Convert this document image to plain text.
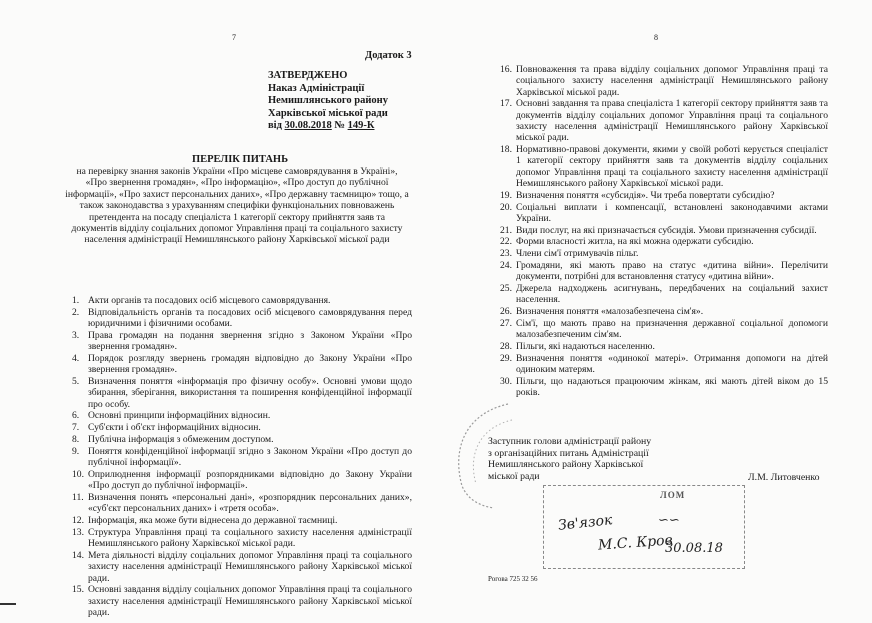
7	8
Додаток 3
ЗАТВЕРДЖЕНО
Наказ Адміністрації
Немишлянського району
Харківської міської ради
від 30.08.2018 № 149-К
ПЕРЕЛІК ПИТАНЬ
на перевірку знання законів України «Про місцеве самоврядування в Україні»,
«Про звернення громадян», «Про інформацію», «Про доступ до публічної
інформації», «Про захист персональних даних», «Про державну таємницю» тощо, а
також законодавства з урахуванням специфіки функціональних повноважень
претендента на посаду спеціаліста 1 категорії сектору прийняття заяв та
документів відділу соціальних допомог Управління праці та соціального захисту
населення адміністрації Немишлянського району Харківської міської ради
1. Акти органів та посадових осіб місцевого самоврядування.
2. Відповідальність органів та посадових осіб місцевого самоврядування перед юридичними і фізичними особами.
3. Права громадян на подання звернення згідно з Законом України «Про звернення громадян».
4. Порядок розгляду звернень громадян відповідно до Закону України «Про звернення громадян».
5. Визначення поняття «інформація про фізичну особу». Основні умови щодо збирання, зберігання, використання та поширення конфіденційної інформації про особу.
6. Основні принципи інформаційних відносин.
7. Суб'єкти і об'єкт інформаційних відносин.
8. Публічна інформація з обмеженим доступом.
9. Поняття конфіденційної інформації згідно з Законом України «Про доступ до публічної інформації».
10. Оприлюднення інформації розпорядниками відповідно до Закону України «Про доступ до публічної інформації».
11. Визначення понять «персональні дані», «розпорядник персональних даних», «суб'єкт персональних даних» і «третя особа».
12. Інформація, яка може бути віднесена до державної таємниці.
13. Структура Управління праці та соціального захисту населення адміністрації Немишлянського району Харківської міської ради.
14. Мета діяльності відділу соціальних допомог Управління праці та соціального захисту населення адміністрації Немишлянського району Харківської міської ради.
15. Основні завдання відділу соціальних допомог Управління праці та соціального захисту населення адміністрації Немишлянського району Харківської міської ради.
16. Повноваження та права відділу соціальних допомог Управління праці та соціального захисту населення адміністрації Немишлянського району Харківської міської ради.
17. Основні завдання та права спеціаліста 1 категорії сектору прийняття заяв та документів відділу соціальних допомог Управління праці та соціального захисту населення адміністрації Немишлянського району Харківської міської ради.
18. Нормативно-правові документи, якими у своїй роботі керується спеціаліст 1 категорії сектору прийняття заяв та документів відділу соціальних допомог Управління праці та соціального захисту населення адміністрації Немишлянського району Харківської міської ради.
19. Визначення поняття «субсидія». Чи треба повертати субсидію?
20. Соціальні виплати і компенсації, встановлені законодавчими актами України.
21. Види послуг, на які призначається субсидія. Умови призначення субсидії.
22. Форми власності житла, на які можна одержати субсидію.
23. Члени сім'ї отримувачів пільг.
24. Громадяни, які мають право на статус «дитина війни». Перелічити документи, потрібні для встановлення статусу «дитина війни».
25. Джерела надходжень асигнувань, передбачених на соціальний захист населення.
26. Визначення поняття «малозабезпечена сім'я».
27. Сім'ї, що мають право на призначення державної соціальної допомоги малозабезпеченим сім'ям.
28. Пільги, які надаються населенню.
29. Визначення поняття «одинокої матері». Отримання допомоги на дітей одиноким матерям.
30. Пільги, що надаються працюючим жінкам, які мають дітей віком до 15 років.
Заступник голови адміністрації району
з організаційних питань Адміністрації
Немишлянського району Харківської
міської ради	Л.М. Литовченко
ЛОМ
Зв'язок	∽∽
М.С. Кров
30.08.18
Рогова 725 32 56
